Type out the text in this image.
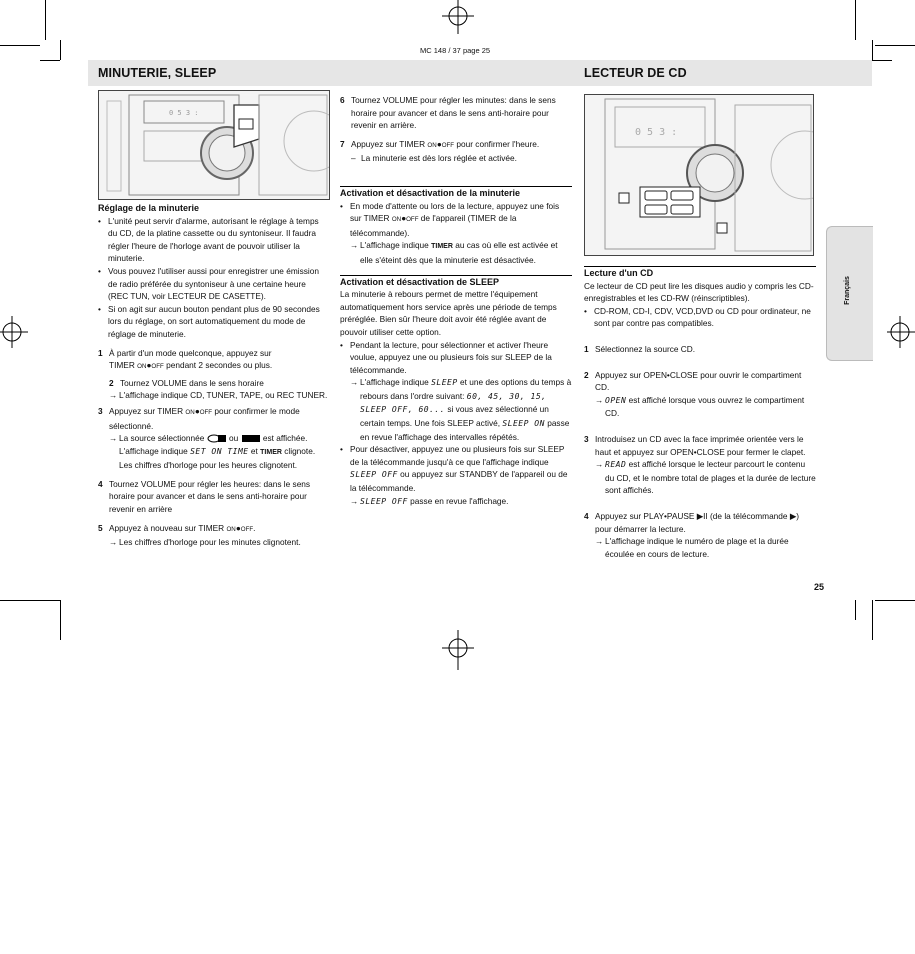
MC 148 / 37 page 25
MINUTERIE, SLEEP	LECTEUR DE CD
Français
0 5 3 :
0 5 3 :

Réglage de la minuterie

• L'unité peut servir d'alarme, autorisant le réglage à temps du CD, de la platine cassette ou du syntoniseur. Il faudra régler l'heure de l'horloge avant de pouvoir utiliser la minuterie.

• Vous pouvez l'utiliser aussi pour enregistrer une émission de radio préférée du syntoniseur à une certaine heure

(REC TUN, voir LECTEUR DE CASETTE).

• Si on agit sur aucun bouton pendant plus de 90 secondes lors du réglage, on sort automatiquement du mode de réglage de minuterie.

1 À partir d'un mode quelconque, appuyez sur

TIMER ON●OFF pendant 2 secondes ou plus.

2 Tournez VOLUME dans le sens horaire

→ L'affichage indique CD, TUNER, TAPE, ou REC TUNER.

3 Appuyez sur TIMER ON●OFF pour confirmer le mode sélectionné.

→ La source sélectionnée	ou	est affichée.
L'affichage indique SET ON TIME et TIMER clignote.
Les chiffres d'horloge pour les heures clignotent.

4 Tournez VOLUME pour régler les heures: dans le sens horaire pour avancer et dans le sens anti-horaire pour revenir en arrière

5 Appuyez à nouveau sur TIMER ON●OFF.

→ Les chiffres d'horloge pour les minutes clignotent.

6 Tournez VOLUME pour régler les minutes: dans le sens horaire pour avancer et dans le sens anti-horaire pour revenir en arrière.

7 Appuyez sur TIMER ON●OFF pour confirmer l'heure.

– La minuterie est dès lors réglée et activée.

Activation et désactivation de la minuterie

• En mode d'attente ou lors de la lecture, appuyez une fois sur TIMER ON●OFF de l'appareil (TIMER de la télécommande).

→ L'affichage indique TIMER au cas où elle est activée et elle s'éteint dès que la minuterie est désactivée.

Activation et désactivation de SLEEP

La minuterie à rebours permet de mettre l'équipement automatiquement hors service après une période de temps préréglée. Bien sûr l'heure doit avoir été réglée avant de pouvoir utiliser cette option.

• Pendant la lecture, pour sélectionner et activer l'heure voulue, appuyez une ou plusieurs fois sur SLEEP de la télécommande.

→ L'affichage indique SLEEP et une des options du temps à rebours dans l'ordre suivant: 60, 45, 30, 15, SLEEP OFF, 60... si vous avez sélectionné un certain temps. Une fois SLEEP activé, SLEEP ON passe en revue l'affichage des intervalles répétés.

• Pour désactiver, appuyez une ou plusieurs fois sur SLEEP de la télécommande jusqu'à ce que l'affichage indique SLEEP OFF ou appuyez sur STANDBY de l'appareil ou de la télécommande.

→ SLEEP OFF passe en revue l'affichage.

Lecture d'un CD

Ce lecteur de CD peut lire les disques audio y compris les CD-enregistrables et les CD-RW (réinscriptibles).

• CD-ROM, CD-I, CDV, VCD,DVD ou CD pour ordinateur, ne sont par contre pas compatibles.

1 Sélectionnez la source CD.

2 Appuyez sur OPEN•CLOSE pour ouvrir le compartiment CD.

→ OPEN est affiché lorsque vous ouvrez le compartiment CD.

3 Introduisez un CD avec la face imprimée orientée vers le haut et appuyez sur OPEN•CLOSE pour fermer le clapet.

→ READ est affiché lorsque le lecteur parcourt le contenu du CD, et le nombre total de plages et la durée de lecture sont affichés.

4 Appuyez sur PLAY•PAUSE ▶II (de la télécommande ▶) pour démarrer la lecture.

→ L'affichage indique le numéro de plage et la durée écoulée en cours de lecture.

25
